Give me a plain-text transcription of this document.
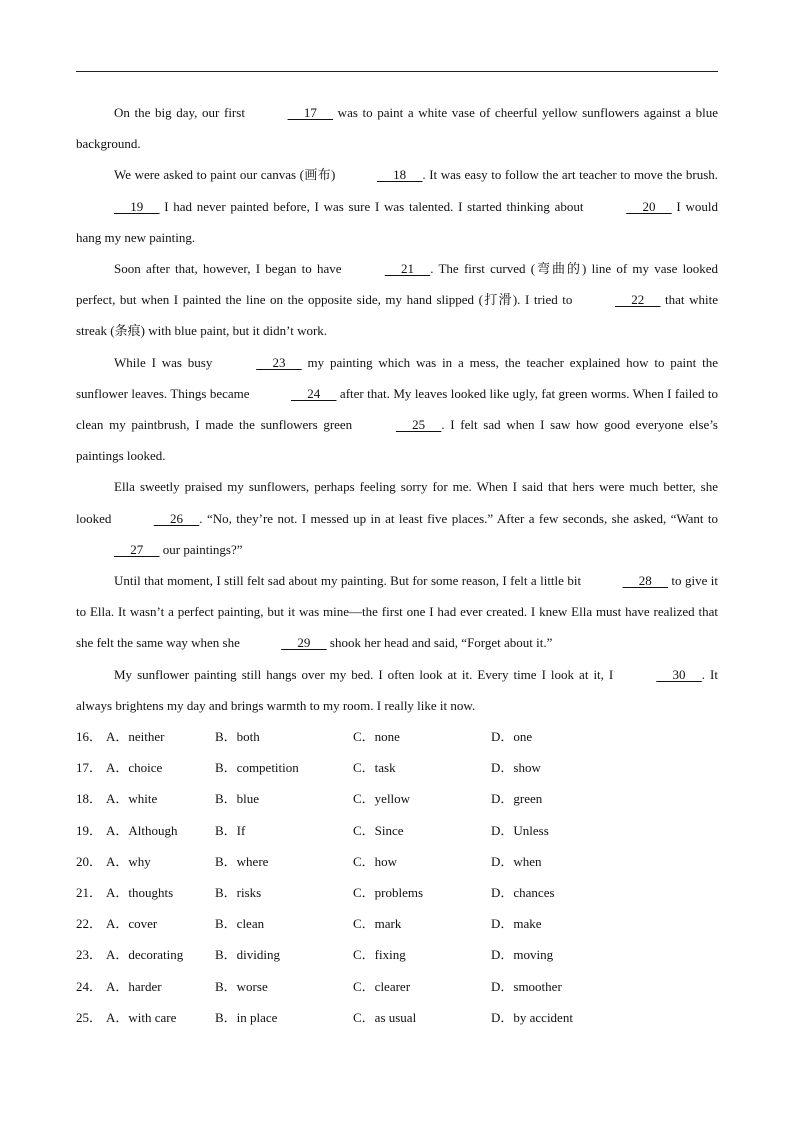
On the big day, our first	17      was to paint a white vase of cheerful yellow sunflowers against a blue background.

We were asked to paint our canvas (画布)	18     . It was easy to follow the art teacher to move the brush.      19      I had never painted before, I was sure I was talented. I started thinking about	20      I would hang my new painting.

Soon after that, however, I began to have	21     . The first curved (弯曲的) line of my vase looked perfect, but when I painted the line on the opposite side, my hand slipped (打滑). I tried to	22      that white streak (条痕) with blue paint, but it didn’t work.

While I was busy	23      my painting which was in a mess, the teacher explained how to paint the sunflower leaves. Things became	24      after that. My leaves looked like ugly, fat green worms. When I failed to clean my paintbrush, I made the sunflowers green	25     . I felt sad when I saw how good everyone else’s paintings looked.

Ella sweetly praised my sunflowers, perhaps feeling sorry for me. When I said that hers were much better, she looked	26     . “No, they’re not. I messed up in at least five places.” After a few seconds, she asked, “Want to      27      our paintings?”

Until that moment, I still felt sad about my painting. But for some reason, I felt a little bit	28      to give it to Ella. It wasn’t a perfect painting, but it was mine—the first one I had ever created. I knew Ella must have realized that she felt the same way when she	29      shook her head and said, “Forget about it.”

My sunflower painting still hangs over my bed. I often look at it. Every time I look at it, I	30     . It always brightens my day and brings warmth to my room. I really like it now.

16． A．neither	B．both	C．none	D．one
17． A．choice	B．competition	C．task	D．show
18． A．white	B．blue	C．yellow	D．green
19． A．Although	B．If	C．Since	D．Unless
20． A．why	B．where	C．how	D．when
21． A．thoughts	B．risks	C．problems	D．chances
22． A．cover	B．clean	C．mark	D．make
23． A．decorating B．dividing	C．fixing	D．moving
24． A．harder	B．worse	C．clearer	D．smoother
25． A．with care	B．in place	C．as usual	D．by accident
